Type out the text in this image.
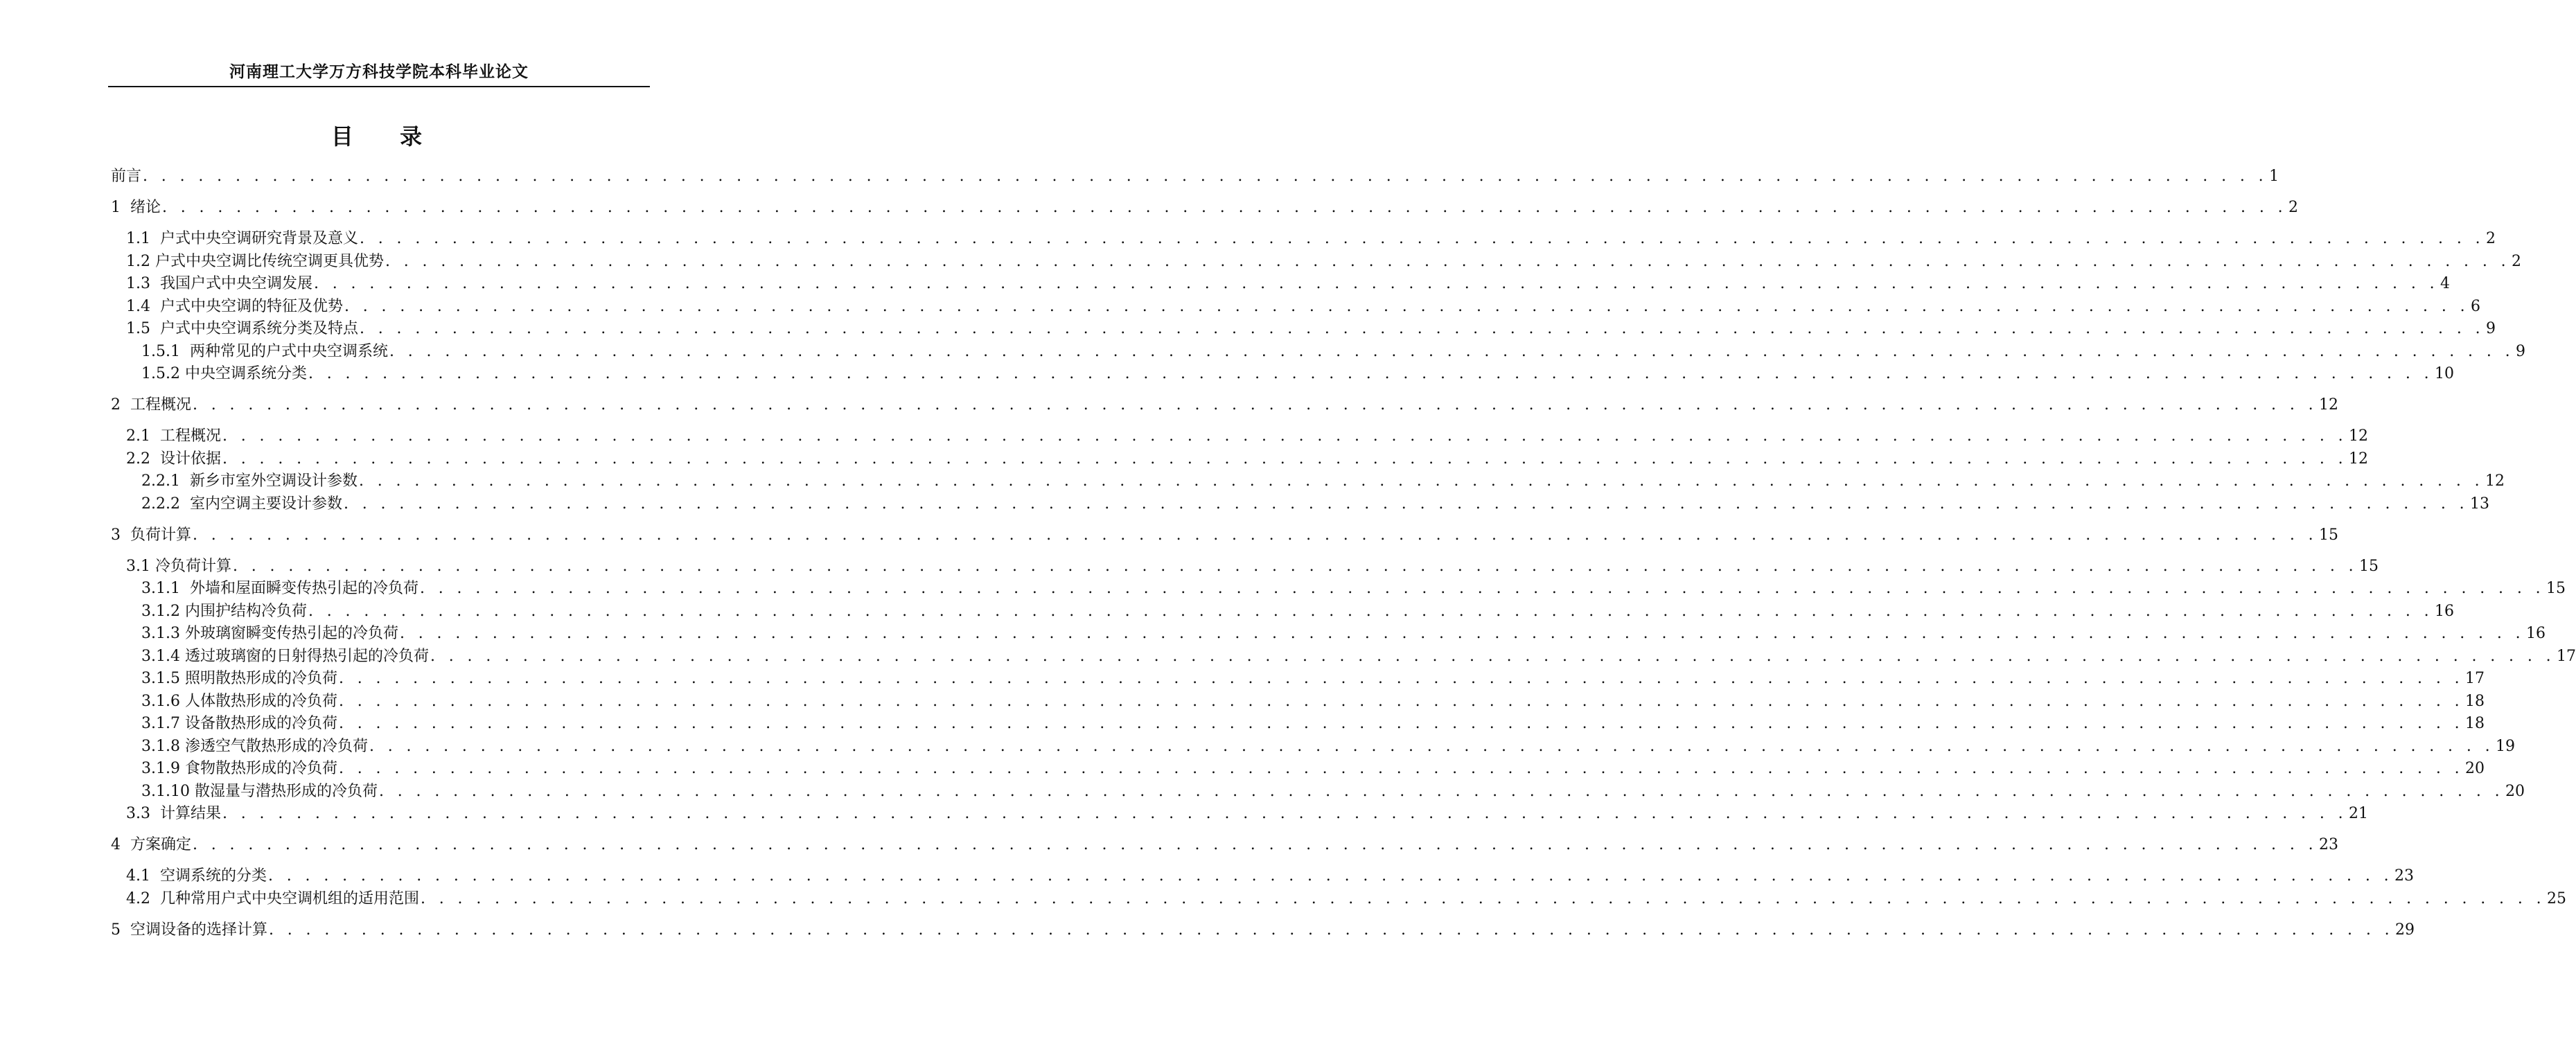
河南理工大学万方科技学院本科毕业论文
目 录
前言 . . . . . . . . . . . . . . . . . . . . . . . . . . . . . . . . . . . . . . . . . . . . . . . . . . . . . . . . . . . . . . . . . . . . . . . . . . . . . . . . . . . . . . . . . . . . . . . . . . . . . . . . . . . . . . . . . . . 1
1  绪论 . . . . . . . . . . . . . . . . . . . . . . . . . . . . . . . . . . . . . . . . . . . . . . . . . . . . . . . . . . . . . . . . . . . . . . . . . . . . . . . . . . . . . . . . . . . . . . . . . . . . . . . . . . . . . . . . . . . 2
1.1  户式中央空调研究背景及意义 . . . . . . . . . . . . . . . . . . . . . . . . . . . . . . . . . . . . . . . . . . . . . . . . . . . . . . . . . . . . . . . . . . . . . . . . . . . . . . . . . . . . . . . . . . . . . . . . . . . . . . . . . . . . . . . . . . . 2
1.2 户式中央空调比传统空调更具优势 . . . . . . . . . . . . . . . . . . . . . . . . . . . . . . . . . . . . . . . . . . . . . . . . . . . . . . . . . . . . . . . . . . . . . . . . . . . . . . . . . . . . . . . . . . . . . . . . . . . . . . . . . . . . . . . . . . . 2
1.3  我国户式中央空调发展 . . . . . . . . . . . . . . . . . . . . . . . . . . . . . . . . . . . . . . . . . . . . . . . . . . . . . . . . . . . . . . . . . . . . . . . . . . . . . . . . . . . . . . . . . . . . . . . . . . . . . . . . . . . . . . . . . . . 4
1.4  户式中央空调的特征及优势 . . . . . . . . . . . . . . . . . . . . . . . . . . . . . . . . . . . . . . . . . . . . . . . . . . . . . . . . . . . . . . . . . . . . . . . . . . . . . . . . . . . . . . . . . . . . . . . . . . . . . . . . . . . . . . . . . . . 6
1.5  户式中央空调系统分类及特点 . . . . . . . . . . . . . . . . . . . . . . . . . . . . . . . . . . . . . . . . . . . . . . . . . . . . . . . . . . . . . . . . . . . . . . . . . . . . . . . . . . . . . . . . . . . . . . . . . . . . . . . . . . . . . . . . . . . 9
1.5.1  两种常见的户式中央空调系统 . . . . . . . . . . . . . . . . . . . . . . . . . . . . . . . . . . . . . . . . . . . . . . . . . . . . . . . . . . . . . . . . . . . . . . . . . . . . . . . . . . . . . . . . . . . . . . . . . . . . . . . . . . . . . . . . . . . 9
1.5.2 中央空调系统分类 . . . . . . . . . . . . . . . . . . . . . . . . . . . . . . . . . . . . . . . . . . . . . . . . . . . . . . . . . . . . . . . . . . . . . . . . . . . . . . . . . . . . . . . . . . . . . . . . . . . . . . . . . . . . . . . . . . . 10
2  工程概况 . . . . . . . . . . . . . . . . . . . . . . . . . . . . . . . . . . . . . . . . . . . . . . . . . . . . . . . . . . . . . . . . . . . . . . . . . . . . . . . . . . . . . . . . . . . . . . . . . . . . . . . . . . . . . . . . . . . 12
2.1  工程概况 . . . . . . . . . . . . . . . . . . . . . . . . . . . . . . . . . . . . . . . . . . . . . . . . . . . . . . . . . . . . . . . . . . . . . . . . . . . . . . . . . . . . . . . . . . . . . . . . . . . . . . . . . . . . . . . . . . . 12
2.2  设计依据 . . . . . . . . . . . . . . . . . . . . . . . . . . . . . . . . . . . . . . . . . . . . . . . . . . . . . . . . . . . . . . . . . . . . . . . . . . . . . . . . . . . . . . . . . . . . . . . . . . . . . . . . . . . . . . . . . . . 12
2.2.1  新乡市室外空调设计参数 . . . . . . . . . . . . . . . . . . . . . . . . . . . . . . . . . . . . . . . . . . . . . . . . . . . . . . . . . . . . . . . . . . . . . . . . . . . . . . . . . . . . . . . . . . . . . . . . . . . . . . . . . . . . . . . . . . . 12
2.2.2  室内空调主要设计参数 . . . . . . . . . . . . . . . . . . . . . . . . . . . . . . . . . . . . . . . . . . . . . . . . . . . . . . . . . . . . . . . . . . . . . . . . . . . . . . . . . . . . . . . . . . . . . . . . . . . . . . . . . . . . . . . . . . . 13
3  负荷计算 . . . . . . . . . . . . . . . . . . . . . . . . . . . . . . . . . . . . . . . . . . . . . . . . . . . . . . . . . . . . . . . . . . . . . . . . . . . . . . . . . . . . . . . . . . . . . . . . . . . . . . . . . . . . . . . . . . . 15
3.1 冷负荷计算 . . . . . . . . . . . . . . . . . . . . . . . . . . . . . . . . . . . . . . . . . . . . . . . . . . . . . . . . . . . . . . . . . . . . . . . . . . . . . . . . . . . . . . . . . . . . . . . . . . . . . . . . . . . . . . . . . . . 15
3.1.1  外墙和屋面瞬变传热引起的冷负荷 . . . . . . . . . . . . . . . . . . . . . . . . . . . . . . . . . . . . . . . . . . . . . . . . . . . . . . . . . . . . . . . . . . . . . . . . . . . . . . . . . . . . . . . . . . . . . . . . . . . . . . . . . . . . . . . . . . . 15
3.1.2 内围护结构冷负荷 . . . . . . . . . . . . . . . . . . . . . . . . . . . . . . . . . . . . . . . . . . . . . . . . . . . . . . . . . . . . . . . . . . . . . . . . . . . . . . . . . . . . . . . . . . . . . . . . . . . . . . . . . . . . . . . . . . . 16
3.1.3 外玻璃窗瞬变传热引起的冷负荷 . . . . . . . . . . . . . . . . . . . . . . . . . . . . . . . . . . . . . . . . . . . . . . . . . . . . . . . . . . . . . . . . . . . . . . . . . . . . . . . . . . . . . . . . . . . . . . . . . . . . . . . . . . . . . . . . . . . 16
3.1.4 透过玻璃窗的日射得热引起的冷负荷 . . . . . . . . . . . . . . . . . . . . . . . . . . . . . . . . . . . . . . . . . . . . . . . . . . . . . . . . . . . . . . . . . . . . . . . . . . . . . . . . . . . . . . . . . . . . . . . . . . . . . . . . . . . . . . . . . . . 17
3.1.5 照明散热形成的冷负荷 . . . . . . . . . . . . . . . . . . . . . . . . . . . . . . . . . . . . . . . . . . . . . . . . . . . . . . . . . . . . . . . . . . . . . . . . . . . . . . . . . . . . . . . . . . . . . . . . . . . . . . . . . . . . . . . . . . . 17
3.1.6 人体散热形成的冷负荷 . . . . . . . . . . . . . . . . . . . . . . . . . . . . . . . . . . . . . . . . . . . . . . . . . . . . . . . . . . . . . . . . . . . . . . . . . . . . . . . . . . . . . . . . . . . . . . . . . . . . . . . . . . . . . . . . . . . 18
3.1.7 设备散热形成的冷负荷 . . . . . . . . . . . . . . . . . . . . . . . . . . . . . . . . . . . . . . . . . . . . . . . . . . . . . . . . . . . . . . . . . . . . . . . . . . . . . . . . . . . . . . . . . . . . . . . . . . . . . . . . . . . . . . . . . . . 18
3.1.8 渗透空气散热形成的冷负荷 . . . . . . . . . . . . . . . . . . . . . . . . . . . . . . . . . . . . . . . . . . . . . . . . . . . . . . . . . . . . . . . . . . . . . . . . . . . . . . . . . . . . . . . . . . . . . . . . . . . . . . . . . . . . . . . . . . . 19
3.1.9 食物散热形成的冷负荷 . . . . . . . . . . . . . . . . . . . . . . . . . . . . . . . . . . . . . . . . . . . . . . . . . . . . . . . . . . . . . . . . . . . . . . . . . . . . . . . . . . . . . . . . . . . . . . . . . . . . . . . . . . . . . . . . . . . 20
3.1.10 散湿量与潜热形成的冷负荷 . . . . . . . . . . . . . . . . . . . . . . . . . . . . . . . . . . . . . . . . . . . . . . . . . . . . . . . . . . . . . . . . . . . . . . . . . . . . . . . . . . . . . . . . . . . . . . . . . . . . . . . . . . . . . . . . . . . 20
3.3  计算结果 . . . . . . . . . . . . . . . . . . . . . . . . . . . . . . . . . . . . . . . . . . . . . . . . . . . . . . . . . . . . . . . . . . . . . . . . . . . . . . . . . . . . . . . . . . . . . . . . . . . . . . . . . . . . . . . . . . . 21
4  方案确定 . . . . . . . . . . . . . . . . . . . . . . . . . . . . . . . . . . . . . . . . . . . . . . . . . . . . . . . . . . . . . . . . . . . . . . . . . . . . . . . . . . . . . . . . . . . . . . . . . . . . . . . . . . . . . . . . . . . 23
4.1  空调系统的分类 . . . . . . . . . . . . . . . . . . . . . . . . . . . . . . . . . . . . . . . . . . . . . . . . . . . . . . . . . . . . . . . . . . . . . . . . . . . . . . . . . . . . . . . . . . . . . . . . . . . . . . . . . . . . . . . . . . . 23
4.2  几种常用户式中央空调机组的适用范围 . . . . . . . . . . . . . . . . . . . . . . . . . . . . . . . . . . . . . . . . . . . . . . . . . . . . . . . . . . . . . . . . . . . . . . . . . . . . . . . . . . . . . . . . . . . . . . . . . . . . . . . . . . . . . . . . . . . 25
5  空调设备的选择计算 . . . . . . . . . . . . . . . . . . . . . . . . . . . . . . . . . . . . . . . . . . . . . . . . . . . . . . . . . . . . . . . . . . . . . . . . . . . . . . . . . . . . . . . . . . . . . . . . . . . . . . . . . . . . . . . . . . . 29
